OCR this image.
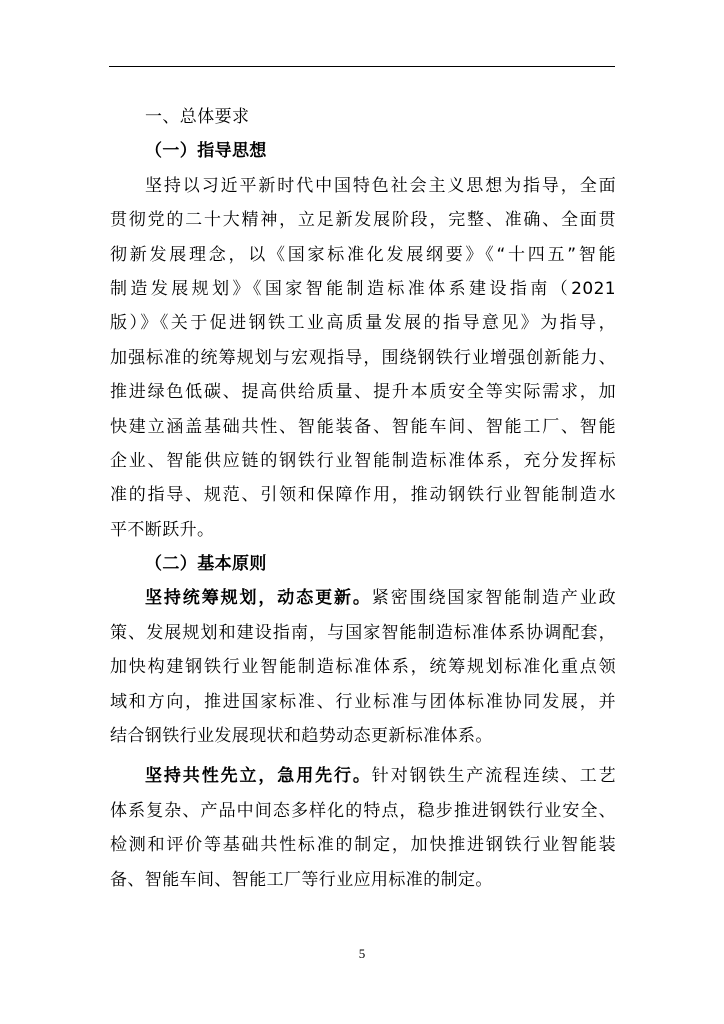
一、总体要求
（一）指导思想
坚持以习近平新时代中国特色社会主义思想为指导，全面
贯彻党的二十大精神，立足新发展阶段，完整、准确、全面贯
彻新发展理念，以《国家标准化发展纲要》《“十四五”智能
制造发展规划》《国家智能制造标准体系建设指南（2021
版）》《关于促进钢铁工业高质量发展的指导意见》为指导，
加强标准的统筹规划与宏观指导，围绕钢铁行业增强创新能力、
推进绿色低碳、提高供给质量、提升本质安全等实际需求，加
快建立涵盖基础共性、智能装备、智能车间、智能工厂、智能
企业、智能供应链的钢铁行业智能制造标准体系，充分发挥标
准的指导、规范、引领和保障作用，推动钢铁行业智能制造水
平不断跃升。
（二）基本原则
坚持统筹规划，动态更新。紧密围绕国家智能制造产业政
策、发展规划和建设指南，与国家智能制造标准体系协调配套，
加快构建钢铁行业智能制造标准体系，统筹规划标准化重点领
域和方向，推进国家标准、行业标准与团体标准协同发展，并
结合钢铁行业发展现状和趋势动态更新标准体系。
坚持共性先立，急用先行。针对钢铁生产流程连续、工艺
体系复杂、产品中间态多样化的特点，稳步推进钢铁行业安全、
检测和评价等基础共性标准的制定，加快推进钢铁行业智能装
备、智能车间、智能工厂等行业应用标准的制定。
5
